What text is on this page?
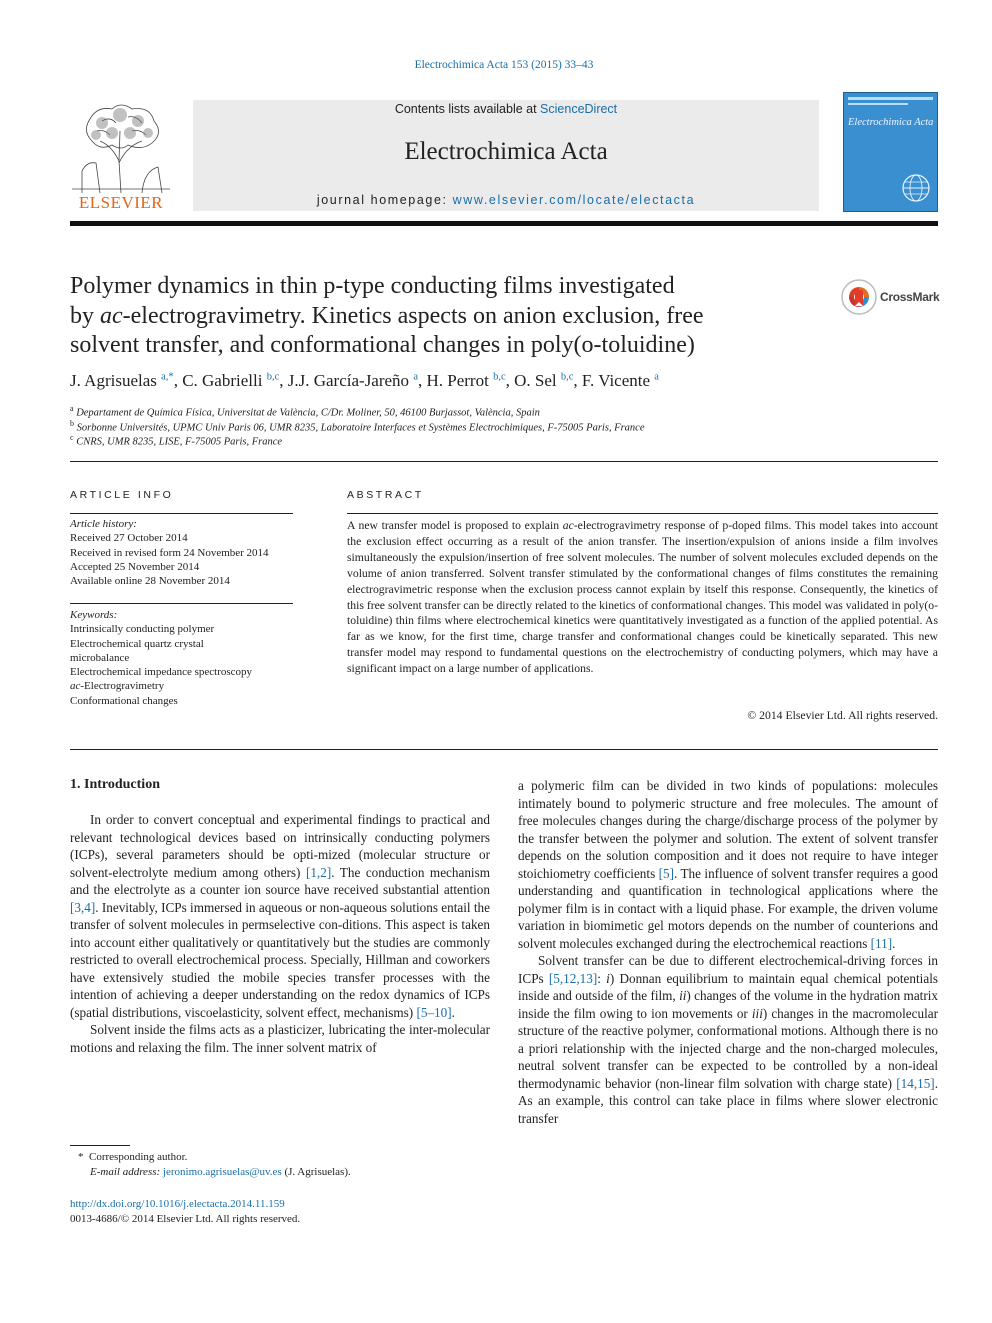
Electrochimica Acta 153 (2015) 33–43
ELSEVIER
Contents lists available at ScienceDirect
Electrochimica Acta
journal homepage: www.elsevier.com/locate/electacta
Electrochimica Acta
Polymer dynamics in thin p-type conducting films investigated
by ac-electrogravimetry. Kinetics aspects on anion exclusion, free
solvent transfer, and conformational changes in poly(o-toluidine)
CrossMark
J. Agrisuelas $^{a,*}$, C. Gabrielli $^{b,c}$, J.J. García-Jareño $^a$, H. Perrot $^{b,c}$, O. Sel $^{b,c}$, F. Vicente $^a$
$^a$ Departament de Química Física, Universitat de València, C/Dr. Moliner, 50, 46100 Burjassot, València, Spain
$^b$ Sorbonne Universités, UPMC Univ Paris 06, UMR 8235, Laboratoire Interfaces et Systèmes Electrochimiques, F-75005 Paris, France
$^c$ CNRS, UMR 8235, LISE, F-75005 Paris, France
ARTICLE INFO
Article history:
Received 27 October 2014
Received in revised form 24 November 2014
Accepted 25 November 2014
Available online 28 November 2014
Keywords:
Intrinsically conducting polymer
Electrochemical quartz crystal
microbalance
Electrochemical impedance spectroscopy
ac-Electrogravimetry
Conformational changes
ABSTRACT
A new transfer model is proposed to explain ac-electrogravimetry response of p-doped films. This model takes into account the exclusion effect occurring as a result of the anion transfer. The insertion/expulsion of anions inside a film involves simultaneously the expulsion/insertion of free solvent molecules. The number of solvent molecules excluded depends on the volume of anion transferred. Solvent transfer stimulated by the conformational changes of films constitutes the remaining electrogravimetric response when the exclusion process cannot explain by itself this response. Consequently, the kinetics of this free solvent transfer can be directly related to the kinetics of conformational changes. This model was validated in poly(o-toluidine) thin films where electrochemical kinetics were quantitatively investigated as a function of the applied potential. As far as we know, for the first time, charge transfer and conformational changes could be kinetically separated. This new transfer model may respond to fundamental questions on the electrochemistry of conducting polymers, which may have a significant impact on a large number of applications.
© 2014 Elsevier Ltd. All rights reserved.
1. Introduction

In order to convert conceptual and experimental findings to practical and relevant technological devices based on intrinsically conducting polymers (ICPs), several parameters should be opti-mized (molecular structure or solvent-electrolyte medium among others) [1,2]. The conduction mechanism and the electrolyte as a counter ion source have received substantial attention [3,4]. Inevitably, ICPs immersed in aqueous or non-aqueous solutions entail the transfer of solvent molecules in permselective con-ditions. This aspect is taken into account either qualitatively or quantitatively but the studies are commonly restricted to overall electrochemical process. Specially, Hillman and coworkers have extensively studied the mobile species transfer processes with the intention of achieving a deeper understanding on the redox dynamics of ICPs (spatial distributions, viscoelasticity, solvent effect, mechanisms) [5–10].

Solvent inside the films acts as a plasticizer, lubricating the inter-molecular motions and relaxing the film. The inner solvent matrix of

a polymeric film can be divided in two kinds of populations: molecules intimately bound to polymeric structure and free molecules. The amount of free molecules changes during the charge/discharge process of the polymer by the transfer between the polymer and solution. The extent of solvent transfer depends on the solution composition and it does not require to have integer stoichiometry coefficients [5]. The influence of solvent transfer requires a good understanding and quantification in technological applications where the polymer film is in contact with a liquid phase. For example, the driven volume variation in biomimetic gel motors depends on the number of counterions and solvent molecules exchanged during the electrochemical reactions [11].

Solvent transfer can be due to different electrochemical-driving forces in ICPs [5,12,13]: i) Donnan equilibrium to maintain equal chemical potentials inside and outside of the film, ii) changes of the volume in the hydration matrix inside the film owing to ion movements or iii) changes in the macromolecular structure of the reactive polymer, conformational motions. Although there is no a priori relationship with the injected charge and the non-charged molecules, neutral solvent transfer can be expected to be controlled by a non-ideal thermodynamic behavior (non-linear film solvation with charge state) [14,15]. As an example, this control can take place in films where slower electronic transfer

* Corresponding author.
E-mail address: jeronimo.agrisuelas@uv.es (J. Agrisuelas).
http://dx.doi.org/10.1016/j.electacta.2014.11.159
0013-4686/© 2014 Elsevier Ltd. All rights reserved.
